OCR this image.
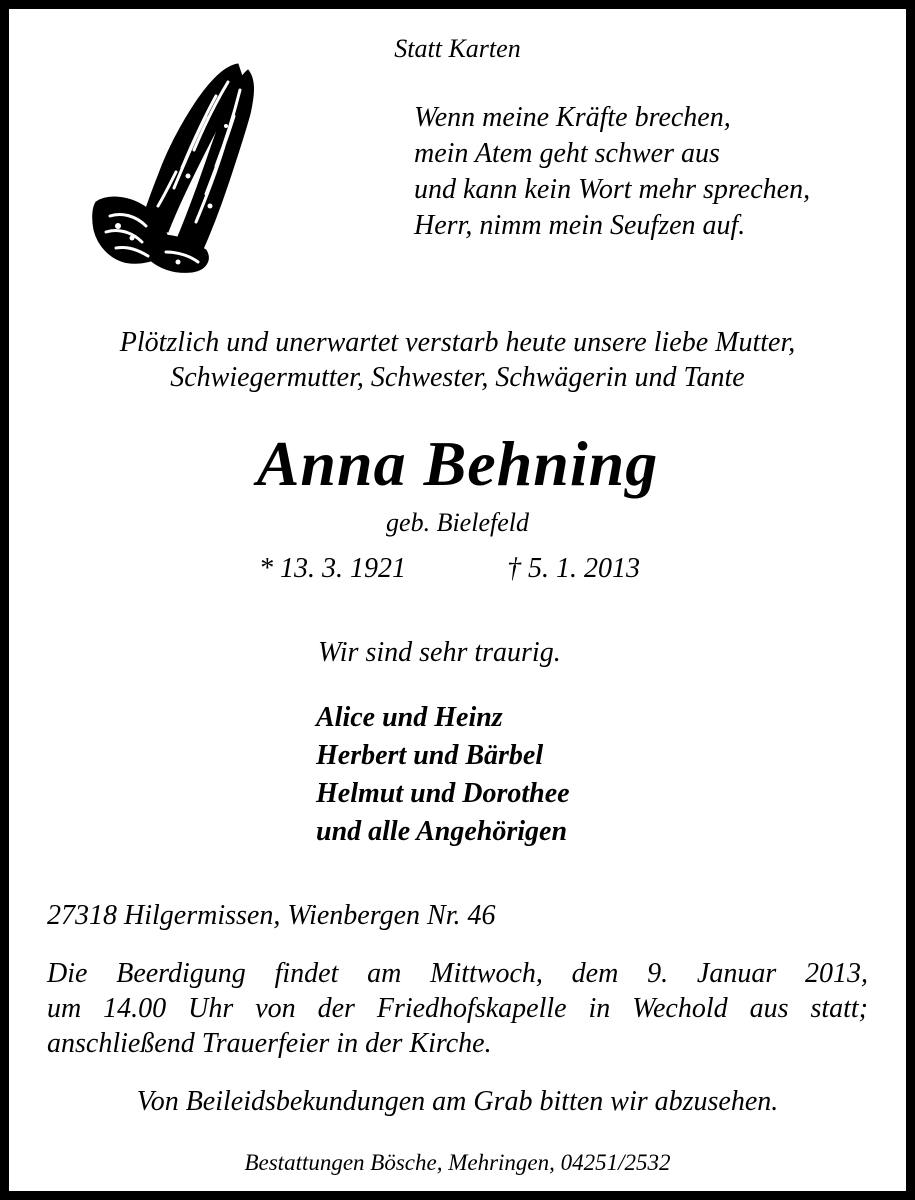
Statt Karten
Wenn meine Kräfte brechen,
mein Atem geht schwer aus
und kann kein Wort mehr sprechen,
Herr, nimm mein Seufzen auf.
Plötzlich und unerwartet verstarb heute unsere liebe Mutter,
Schwiegermutter, Schwester, Schwägerin und Tante
Anna Behning
geb. Bielefeld
* 13. 3. 1921	† 5. 1. 2013
Wir sind sehr traurig.
Alice und Heinz
Herbert und Bärbel
Helmut und Dorothee
und alle Angehörigen
27318 Hilgermissen, Wienbergen Nr. 46
Die Beerdigung findet am Mittwoch, dem 9. Januar 2013,
um 14.00 Uhr von der Friedhofskapelle in Wechold aus statt;
anschließend Trauerfeier in der Kirche.
Von Beileidsbekundungen am Grab bitten wir abzusehen.
Bestattungen Bösche, Mehringen, 04251/2532
